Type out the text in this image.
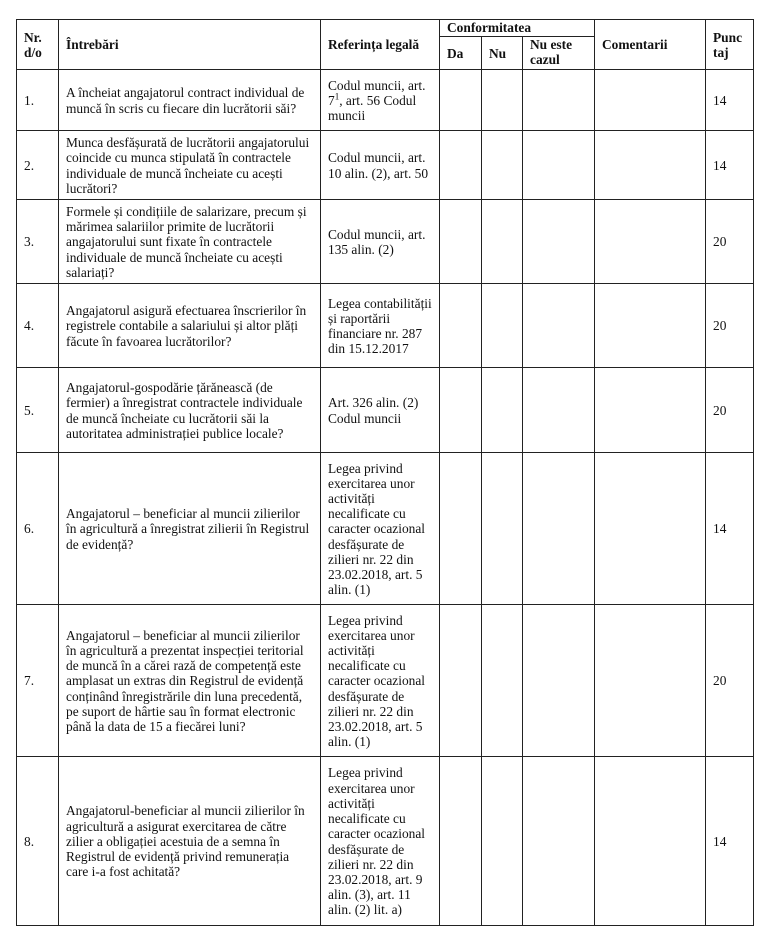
Nr. d/o	Întrebări	Referința legală	Conformitatea			Comentarii	Punc taj
			Da	Nu	Nu este cazul		
1.	A încheiat angajatorul contract individual de muncă în scris cu fiecare din lucrătorii săi?	Codul muncii, art. $7^1$, art. 56 Codul muncii					14
2.	Munca desfășurată de lucrătorii angajatorului coincide cu munca stipulată în contractele individuale de muncă încheiate cu acești lucrători?	Codul muncii, art. 10 alin. (2), art. 50					14
3.	Formele și condițiile de salarizare, precum și mărimea salariilor primite de lucrătorii angajatorului sunt fixate în contractele individuale de muncă încheiate cu acești salariați?	Codul muncii, art. 135 alin. (2)					20
4.	Angajatorul asigură efectuarea înscrierilor în registrele contabile a salariului și altor plăți făcute în favoarea lucrătorilor?	Legea contabilității și raportării financiare nr. 287 din 15.12.2017					20
5.	Angajatorul-gospodărie țărănească (de fermier) a înregistrat contractele individuale de muncă încheiate cu lucrătorii săi la autoritatea administrației publice locale?	Art. 326 alin. (2) Codul muncii					20
6.	Angajatorul – beneficiar al muncii zilierilor în agricultură a înregistrat zilierii în Registrul de evidență?	Legea privind exercitarea unor activități necalificate cu caracter ocazional desfășurate de zilieri nr. 22 din 23.02.2018, art. 5 alin. (1)					14
7.	Angajatorul – beneficiar al muncii zilierilor în agricultură a prezentat inspecției teritorial de muncă în a cărei rază de competență este amplasat un extras din Registrul de evidență conținând înregistrările din luna precedentă, pe suport de hârtie sau în format electronic până la data de 15 a fiecărei luni?	Legea privind exercitarea unor activități necalificate cu caracter ocazional desfășurate de zilieri nr. 22 din 23.02.2018, art. 5 alin. (1)					20
8.	Angajatorul-beneficiar al muncii zilierilor în agricultură a asigurat exercitarea de către zilier a obligației acestuia de a semna în Registrul de evidență privind remunerația care i-a fost achitată?	Legea privind exercitarea unor activități necalificate cu caracter ocazional desfășurate de zilieri nr. 22 din 23.02.2018, art. 9 alin. (3), art. 11 alin. (2) lit. a)					14
